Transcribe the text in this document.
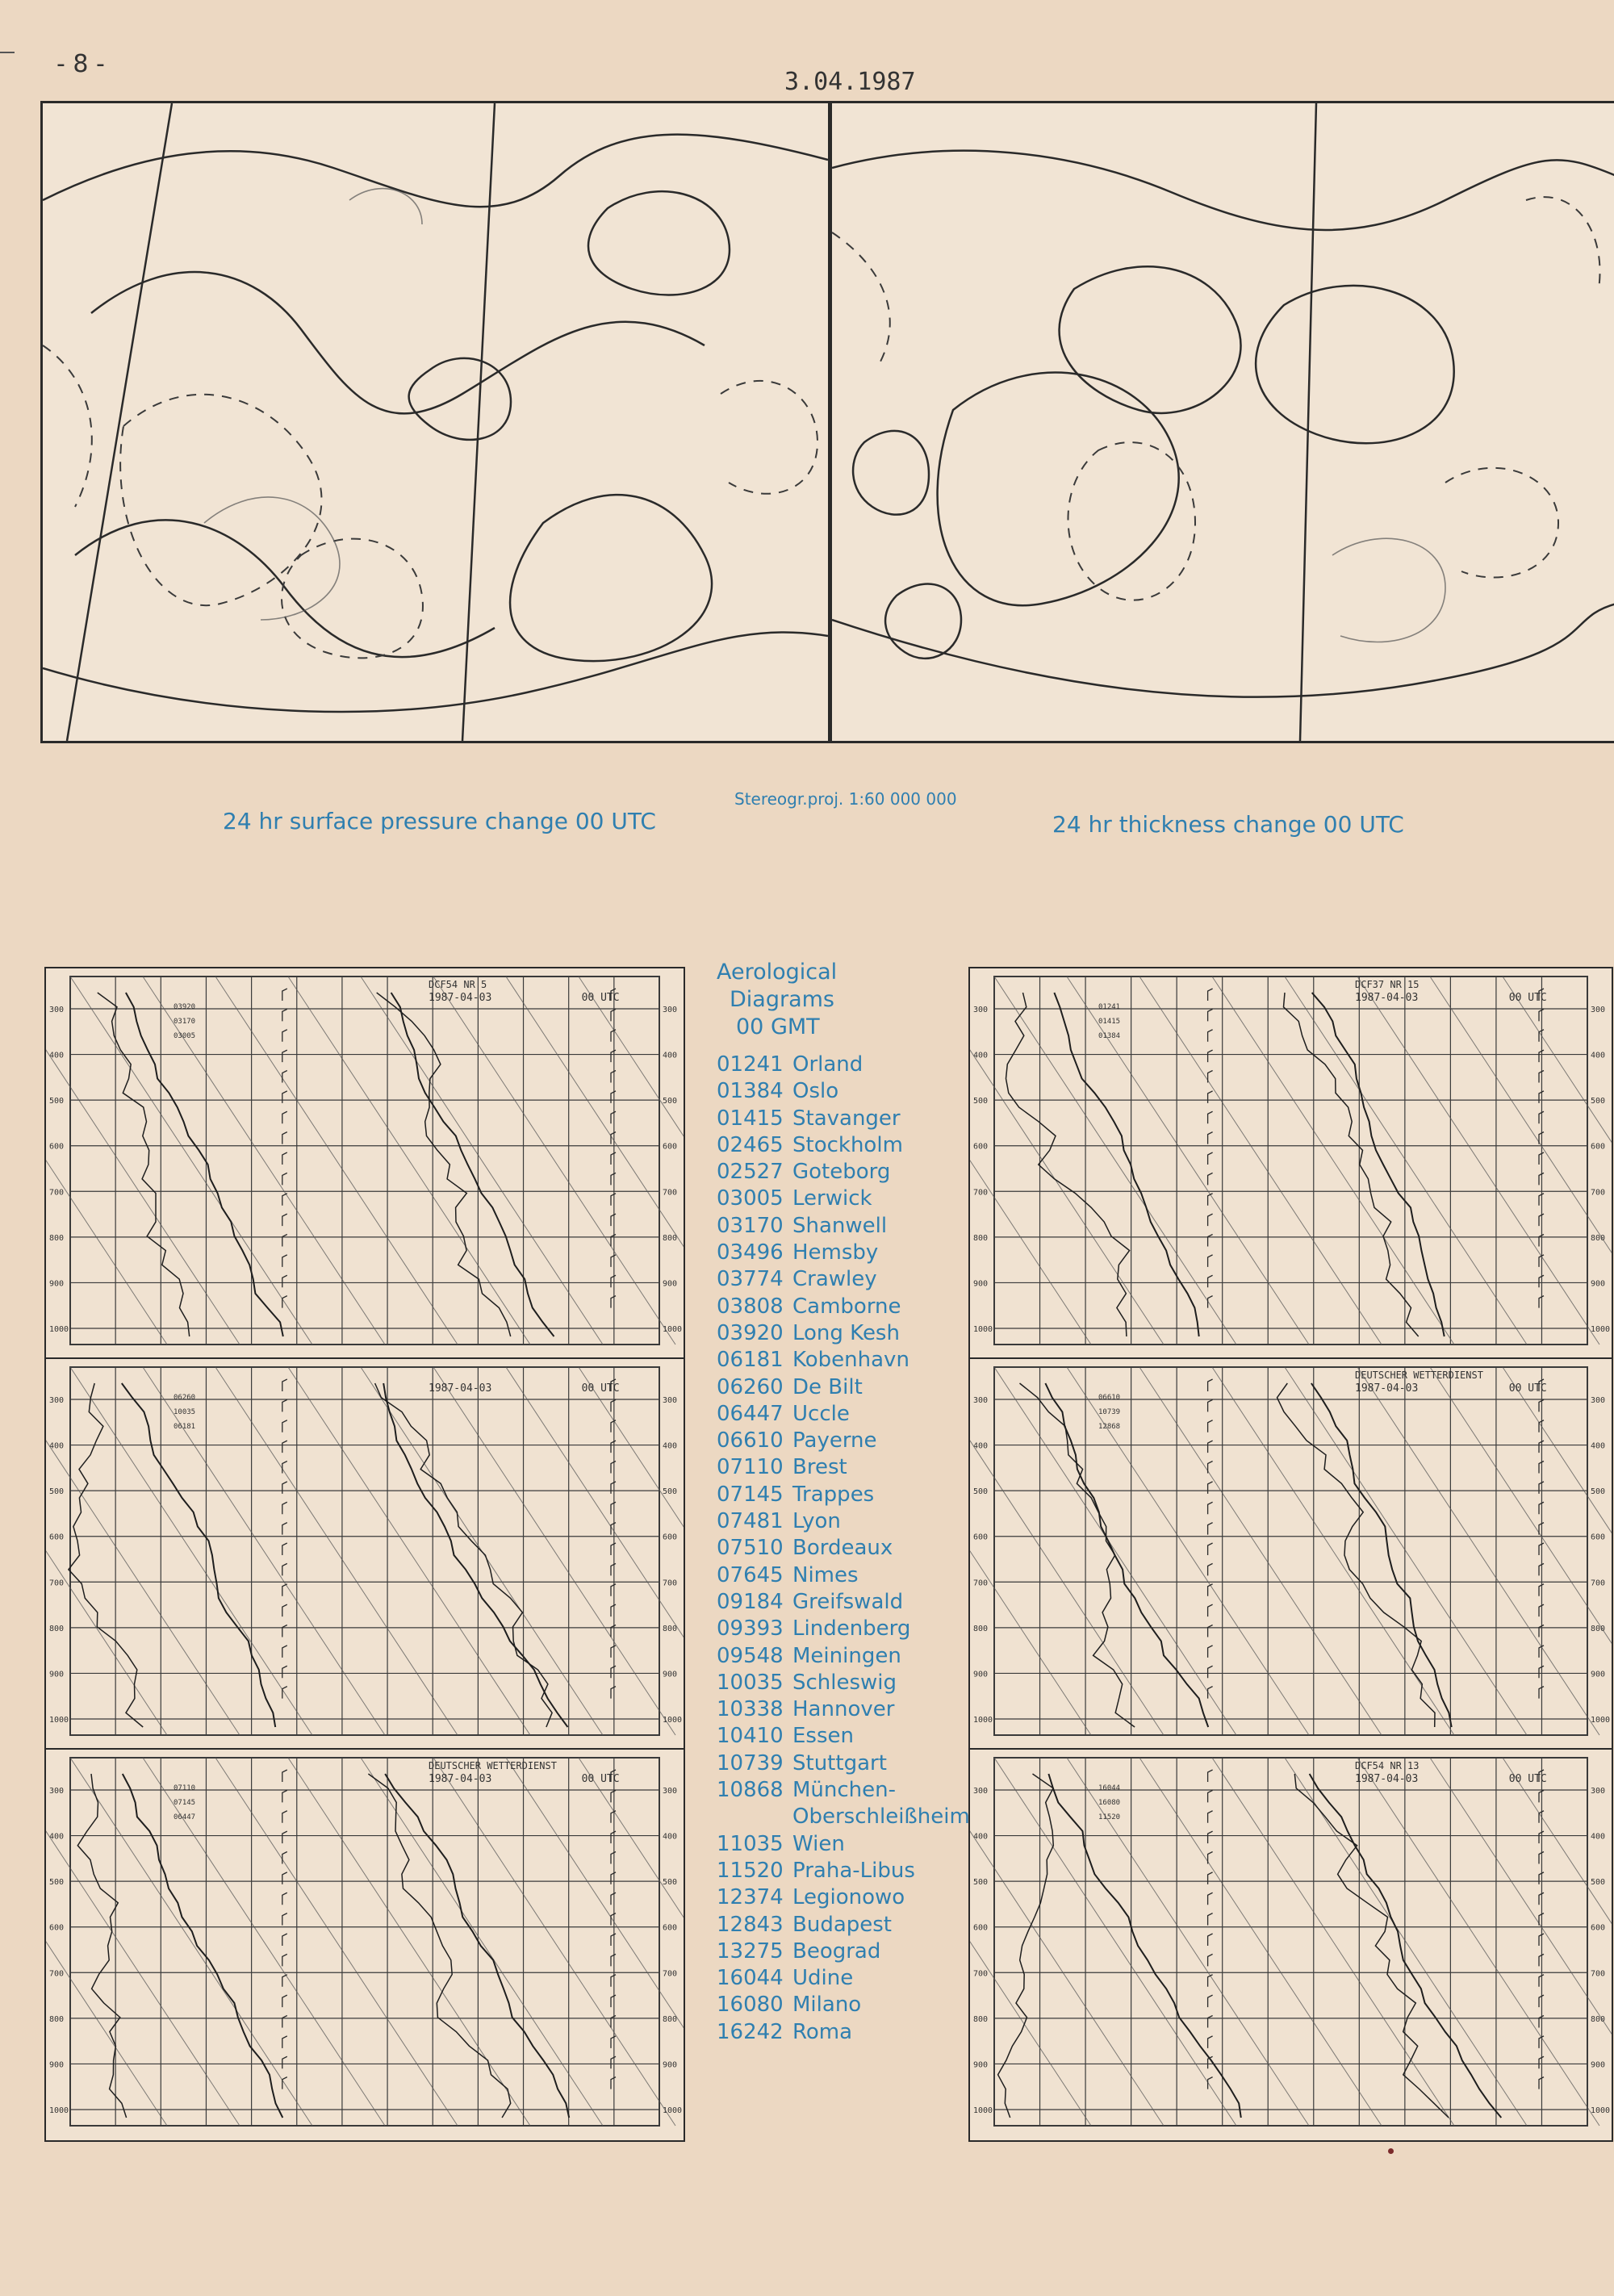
- 8 -
3.04.1987
24 hr surface pressure change 00 UTC
Stereogr.proj. 1:60 000 000
24 hr thickness change 00 UTC
300	300
400	400
500	500
600	600
700	700
800	800
900	900
1000	1000
DCF54 NR 5
1987-04-03	00 UTC
03920
03170
03005
300	300
400	400
500	500
600	600
700	700
800	800
900	900
1000	1000
1987-04-03	00 UTC
06260
10035
06181
300	300
400	400
500	500
600	600
700	700
800	800
900	900
1000	1000
DEUTSCHER WETTERDIENST
1987-04-03	00 UTC
07110
07145
06447
300	300
400	400
500	500
600	600
700	700
800	800
900	900
1000	1000
DCF37 NR 15
1987-04-03	00 UTC
01241
01415
01384
300	300
400	400
500	500
600	600
700	700
800	800
900	900
1000	1000
DEUTSCHER WETTERDIENST
1987-04-03	00 UTC
06610
10739
12868
300	300
400	400
500	500
600	600
700	700
800	800
900	900
1000	1000
DCF54 NR 13
1987-04-03	00 UTC
16044
16080
11520
Aerological
Diagrams
00 GMT
01241 Orland
01384 Oslo
01415 Stavanger
02465 Stockholm
02527 Goteborg
03005 Lerwick
03170 Shanwell
03496 Hemsby
03774 Crawley
03808 Camborne
03920 Long Kesh
06181 Kobenhavn
06260 De Bilt
06447 Uccle
06610 Payerne
07110 Brest
07145 Trappes
07481 Lyon
07510 Bordeaux
07645 Nimes
09184 Greifswald
09393 Lindenberg
09548 Meiningen
10035 Schleswig
10338 Hannover
10410 Essen
10739 Stuttgart
10868 München-
Oberschleißheim
11035 Wien
11520 Praha-Libus
12374 Legionowo
12843 Budapest
13275 Beograd
16044 Udine
16080 Milano
16242 Roma
